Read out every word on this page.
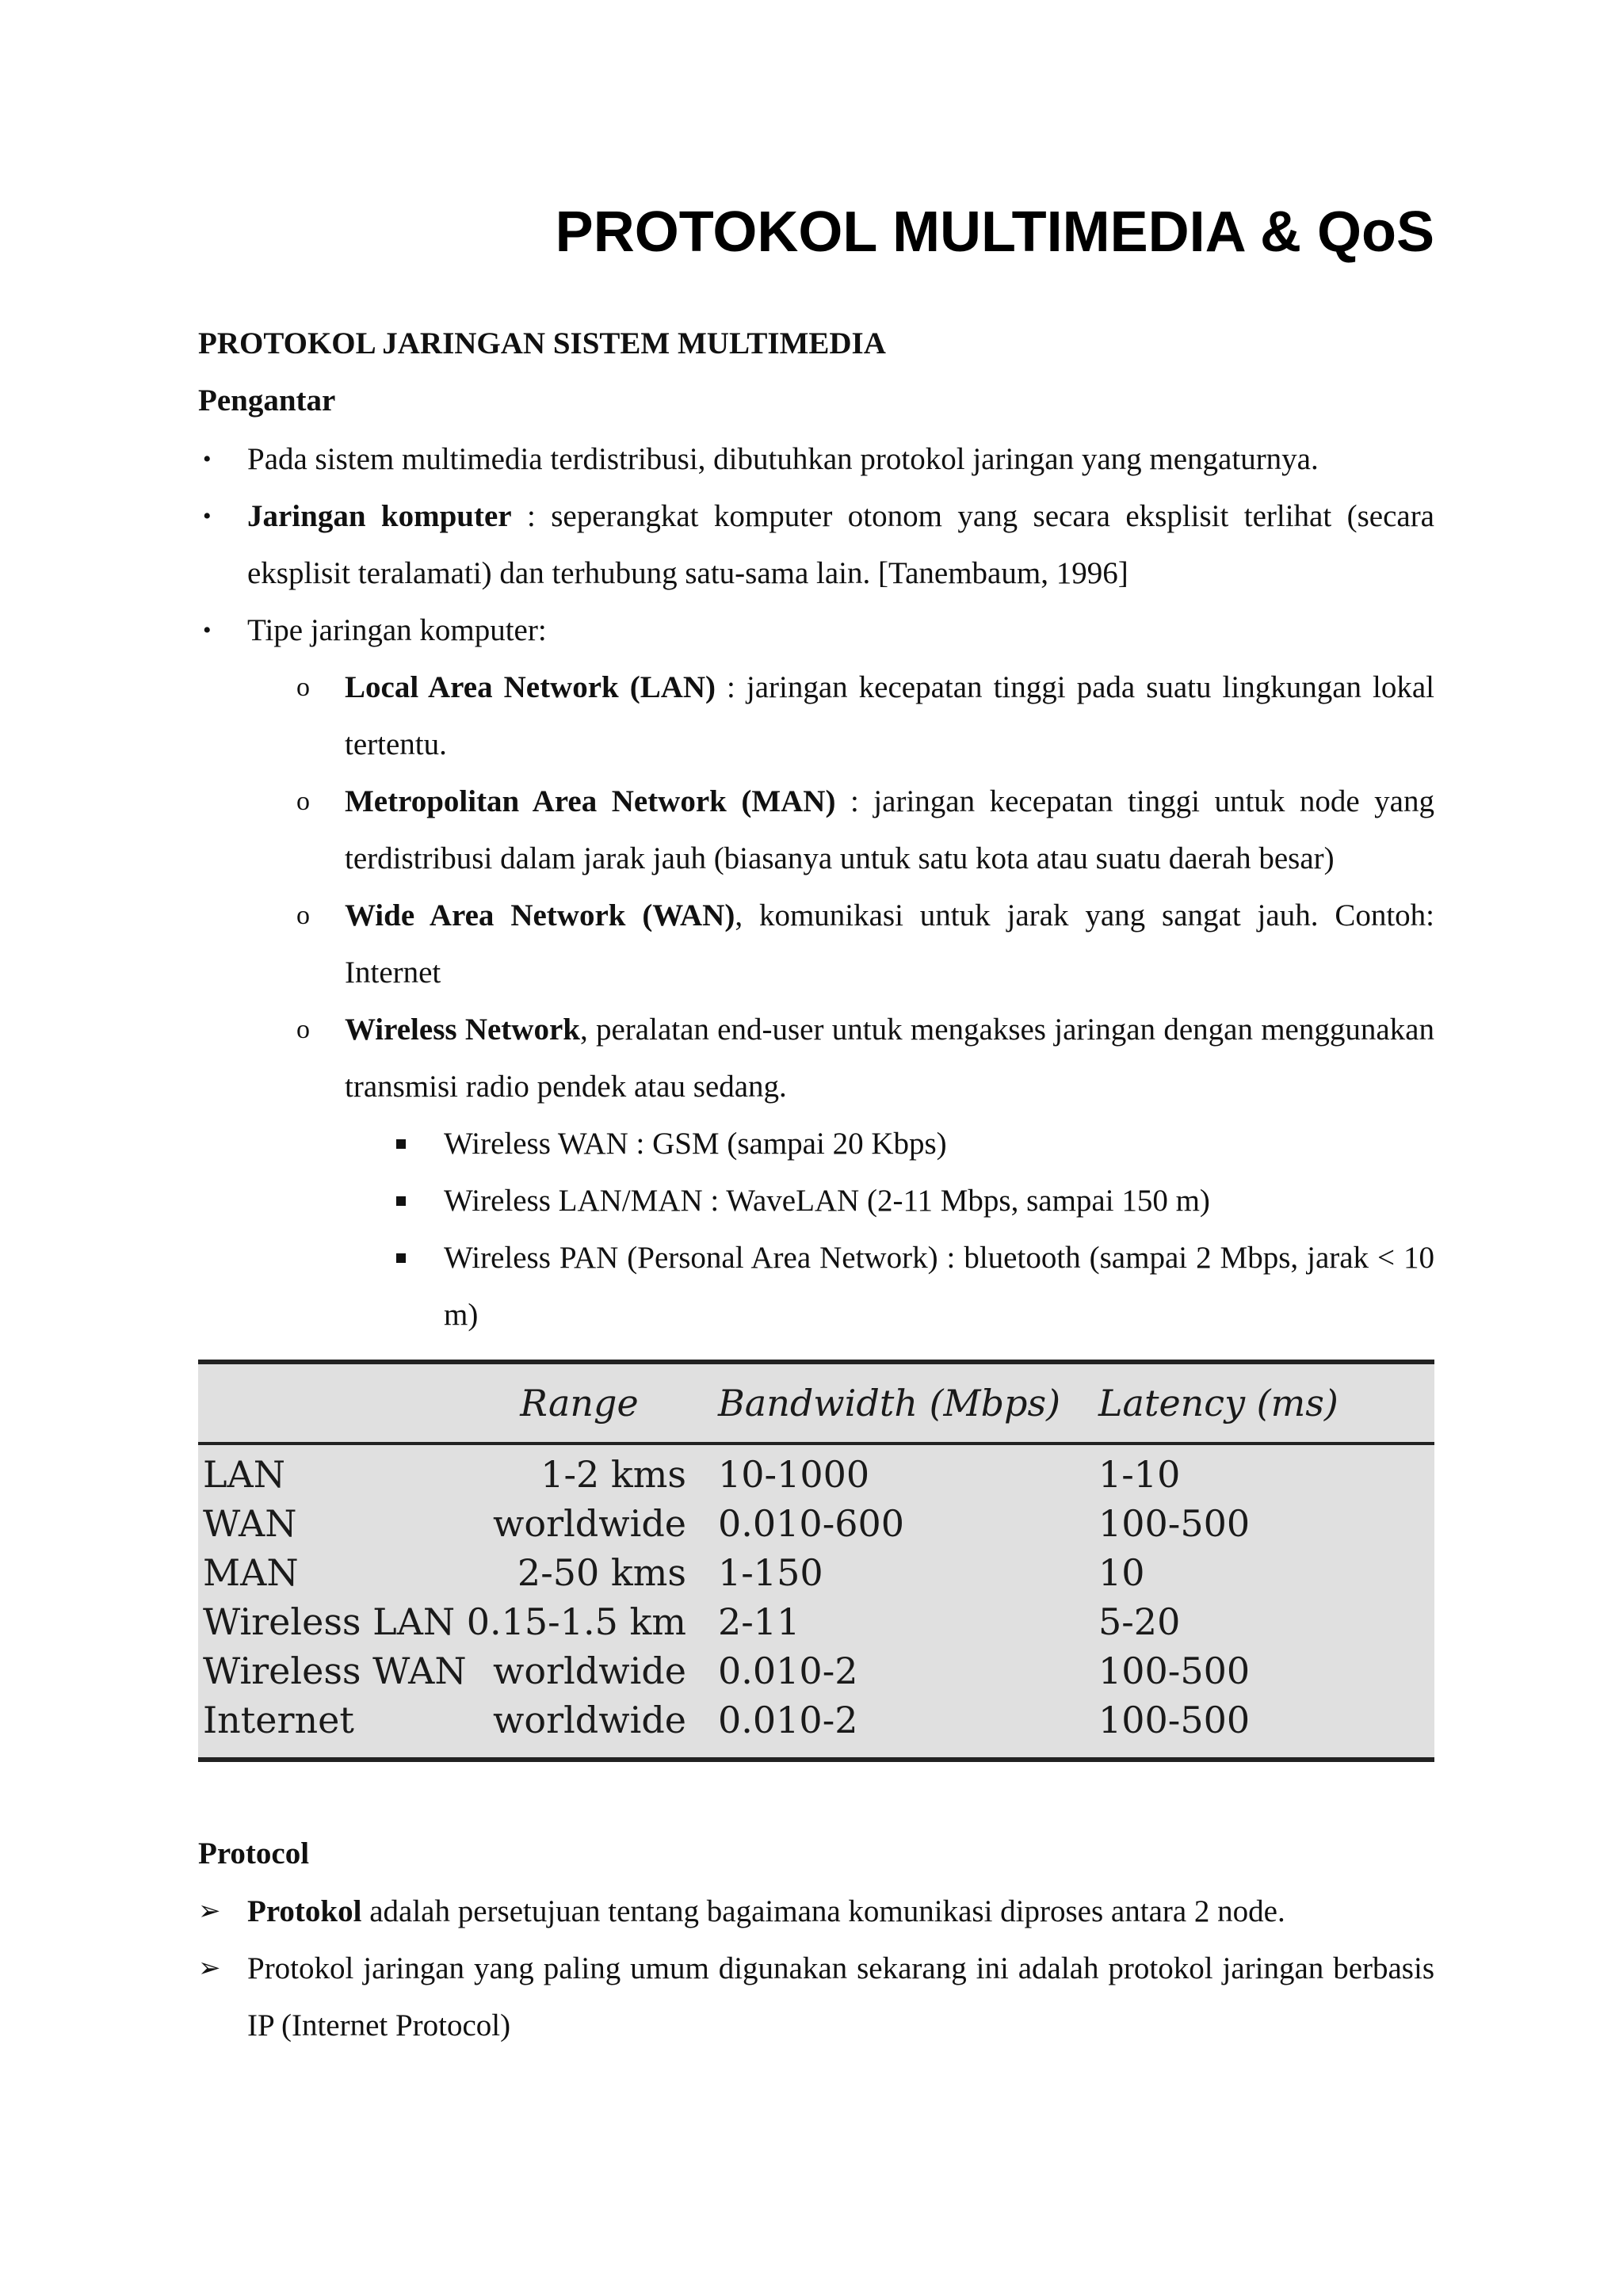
PROTOKOL MULTIMEDIA & QoS
PROTOKOL JARINGAN SISTEM MULTIMEDIA
Pengantar
• Pada sistem multimedia terdistribusi, dibutuhkan protokol jaringan yang mengaturnya.
• Jaringan komputer : seperangkat komputer otonom yang secara eksplisit terlihat (secara eksplisit teralamati) dan terhubung satu-sama lain. [Tanembaum, 1996]
• Tipe jaringan komputer:
o Local Area Network (LAN) : jaringan kecepatan tinggi pada suatu lingkungan lokal tertentu.
o Metropolitan Area Network (MAN) : jaringan kecepatan tinggi untuk node yang terdistribusi dalam jarak jauh (biasanya untuk satu kota atau suatu daerah besar)
o Wide Area Network (WAN), komunikasi untuk jarak yang sangat jauh. Contoh: Internet
o Wireless Network, peralatan end-user untuk mengakses jaringan dengan menggunakan transmisi radio pendek atau sedang.
Wireless WAN : GSM (sampai 20 Kbps)
Wireless LAN/MAN : WaveLAN (2-11 Mbps, sampai 150 m)
Wireless PAN (Personal Area Network) : bluetooth (sampai 2 Mbps, jarak < 10 m)
	Range	Bandwidth (Mbps)	Latency (ms)
LAN	1-2 kms	10-1000	1-10
WAN	worldwide	0.010-600	100-500
MAN	2-50 kms	1-150	10
Wireless LAN	0.15-1.5 km	2-11	5-20
Wireless WAN	worldwide	0.010-2	100-500
Internet	worldwide	0.010-2	100-500
Protocol
➢ Protokol adalah persetujuan tentang bagaimana komunikasi diproses antara 2 node.
➢ Protokol jaringan yang paling umum digunakan sekarang ini adalah protokol jaringan berbasis IP (Internet Protocol)
